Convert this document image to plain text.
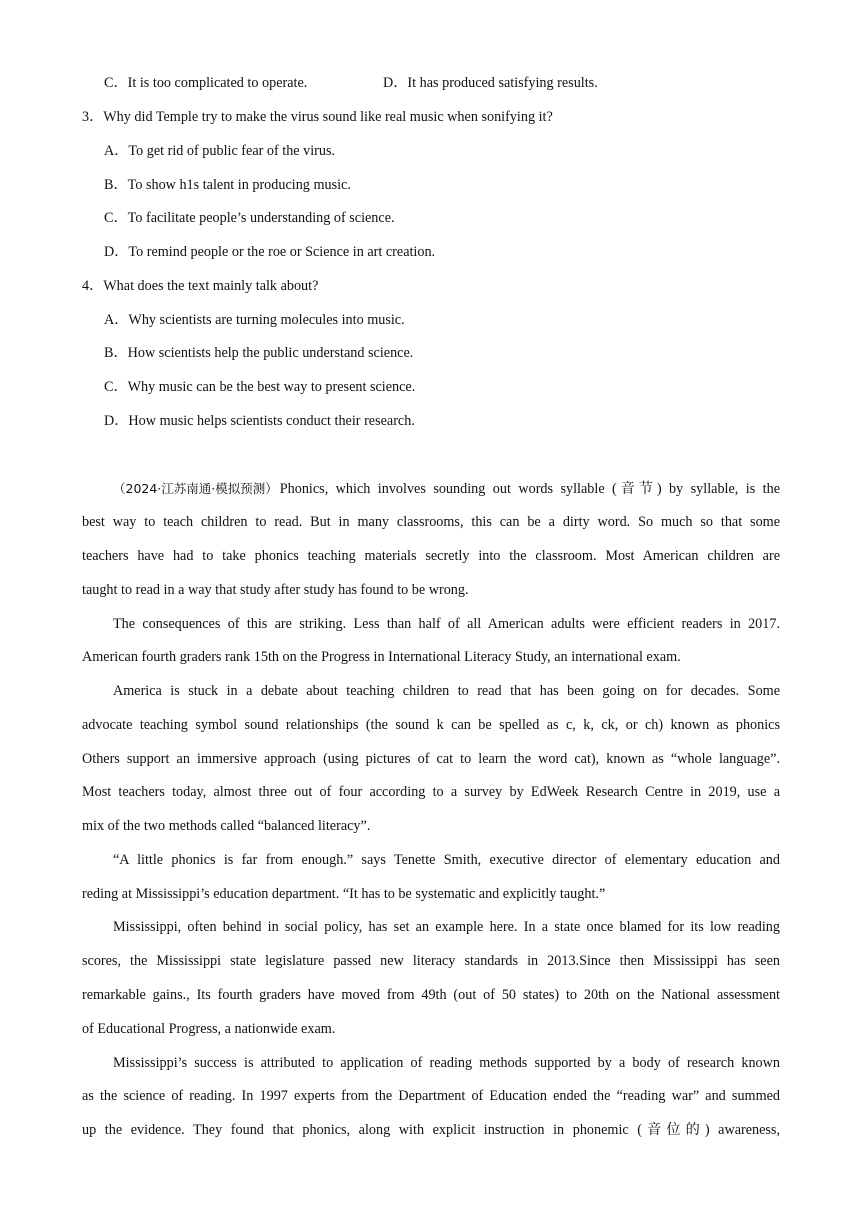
C．It is too complicated to operate.	D．It has produced satisfying results.
3．Why did Temple try to make the virus sound like real music when sonifying it?
A．To get rid of public fear of the virus.
B．To show h1s talent in producing music.
C．To facilitate people’s understanding of science.
D．To remind people or the roe or Science in art creation.
4．What does the text mainly talk about?
A．Why scientists are turning molecules into music.
B．How scientists help the public understand science.
C．Why music can be the best way to present science.
D．How music helps scientists conduct their research.
（2024·江苏南通·模拟预测） Phonics, which involves sounding out words syllable (音节) by syllable, is the
best way to teach children to read. But in many classrooms, this can be a dirty word. So much so that some
teachers have had to take phonics teaching materials secretly into the classroom. Most American children are
taught to read in a way that study after study has found to be wrong.
The consequences of this are striking. Less than half of all American adults were efficient readers in 2017.
American fourth graders rank 15th on the Progress in International Literacy Study, an international exam.
America is stuck in a debate about teaching children to read that has been going on for decades. Some
advocate teaching symbol sound relationships (the sound k can be spelled as c, k, ck, or ch) known as phonics
Others support an immersive approach (using pictures of cat to learn the word cat), known as “whole language”.
Most teachers today, almost three out of four according to a survey by EdWeek Research Centre in 2019, use a
mix of the two methods called “balanced literacy”.
“A little phonics is far from enough.” says Tenette Smith, executive director of elementary education and
reding at Mississippi’s education department. “It has to be systematic and explicitly taught.”
Mississippi, often behind in social policy, has set an example here. In a state once blamed for its low reading
scores, the Mississippi state legislature passed new literacy standards in 2013.Since then Mississippi has seen
remarkable gains., Its fourth graders have moved from 49th (out of 50 states) to 20th on the National assessment
of Educational Progress, a nationwide exam.
Mississippi’s success is attributed to application of reading methods supported by a body of research known
as the science of reading. In 1997 experts from the Department of Education ended the “reading war” and summed
up the evidence. They found that phonics, along with explicit instruction in phonemic (音位的) awareness,
